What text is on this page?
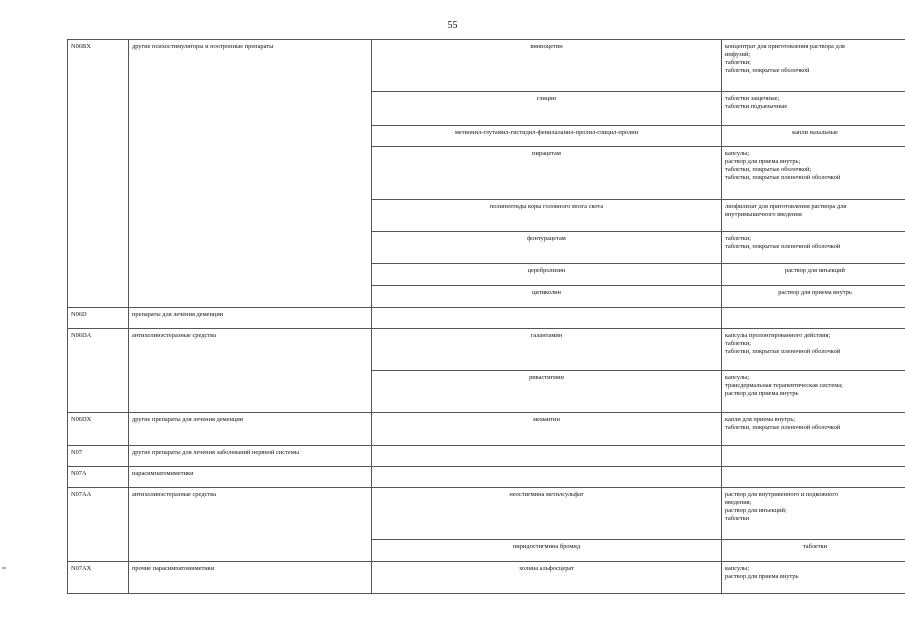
55
═
N06BX	другие психостимуляторы и ноотропные препараты	винпоцетин	концентрат для приготовления раствора для
инфузий;
таблетки;
таблетки, покрытые оболочкой

		глицин	таблетки защечные;
таблетки подъязычные

		метионил-глутамил-гистидил-фенилаланил-пролил-глицил-пролин	капли назальные

		пирацетам	капсулы;
раствор для приема внутрь;
таблетки, покрытые оболочкой;
таблетки, покрытые пленочной оболочкой

		полипептиды коры головного мозга скота	лиофилизат для приготовления раствора для
внутримышечного введения

		фонтурацетам	таблетки;
таблетки, покрытые пленочной оболочкой

		церебролизин	раствор для инъекций

		цитиколин	раствор для приема внутрь

N06D	препараты для лечения деменции		
N06DA	антихолинэстеразные средства	галантамин	капсулы пролонгированного действия;
таблетки;
таблетки, покрытые пленочной оболочкой

		ривастигмин	капсулы;
трансдермальная терапевтическая система;
раствор для приема внутрь

N06DX	другие препараты для лечения деменции	мемантин	капли для приема внутрь;
таблетки, покрытые пленочной оболочкой

N07	другие препараты для лечения заболеваний нервной системы		
N07A	парасимпатомиметики		
N07AA	антихолинэстеразные средства	неостигмина метилсульфат	раствор для внутривенного и подкожного
введения;
раствор для инъекций;
таблетки

		пиридостигмина бромид	таблетки

N07AX	прочие парасимпатомиметики	холина альфосцерат	капсулы;
раствор для приема внутрь
